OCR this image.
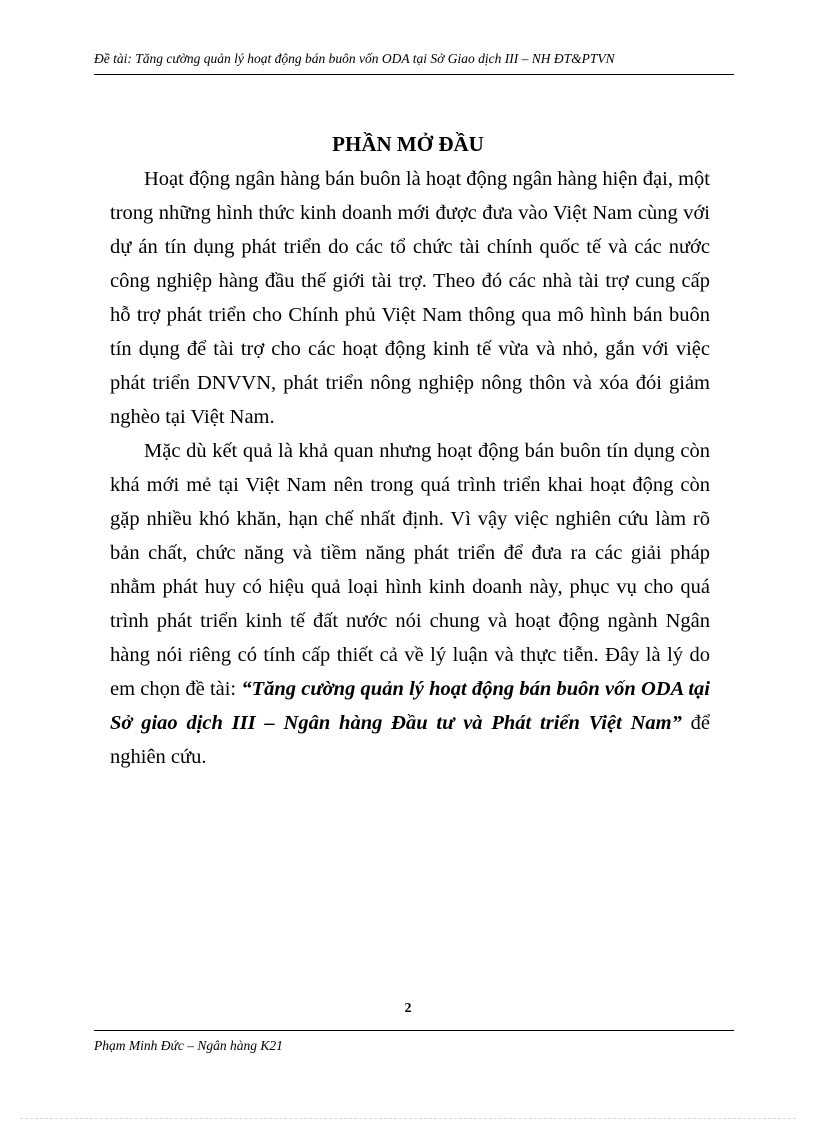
Đề tài: Tăng cường quản lý hoạt động bán buôn vốn ODA tại Sở Giao dịch III – NH ĐT&PTVN
PHẦN MỞ ĐẦU

Hoạt động ngân hàng bán buôn là hoạt động ngân hàng hiện đại, một trong những hình thức kinh doanh mới được đưa vào Việt Nam cùng với dự án tín dụng phát triển do các tổ chức tài chính quốc tế và các nước công nghiệp hàng đầu thế giới tài trợ. Theo đó các nhà tài trợ cung cấp hỗ trợ phát triển cho Chính phủ Việt Nam thông qua mô hình bán buôn tín dụng để tài trợ cho các hoạt động kinh tế vừa và nhỏ, gắn với việc phát triển DNVVN, phát triển nông nghiệp nông thôn và xóa đói giảm nghèo tại Việt Nam.

Mặc dù kết quả là khả quan nhưng hoạt động bán buôn tín dụng còn khá mới mẻ tại Việt Nam nên trong quá trình triển khai hoạt động còn gặp nhiều khó khăn, hạn chế nhất định. Vì vậy việc nghiên cứu làm rõ bản chất, chức năng và tiềm năng phát triển để đưa ra các giải pháp nhằm phát huy có hiệu quả loại hình kinh doanh này, phục vụ cho quá trình phát triển kinh tế đất nước nói chung và hoạt động ngành Ngân hàng nói riêng có tính cấp thiết cả về lý luận và thực tiễn. Đây là lý do em chọn đề tài: “Tăng cường quản lý hoạt động bán buôn vốn ODA tại Sở giao dịch III – Ngân hàng Đầu tư và Phát triển Việt Nam” để nghiên cứu.

2
Phạm Minh Đức – Ngân hàng K21
